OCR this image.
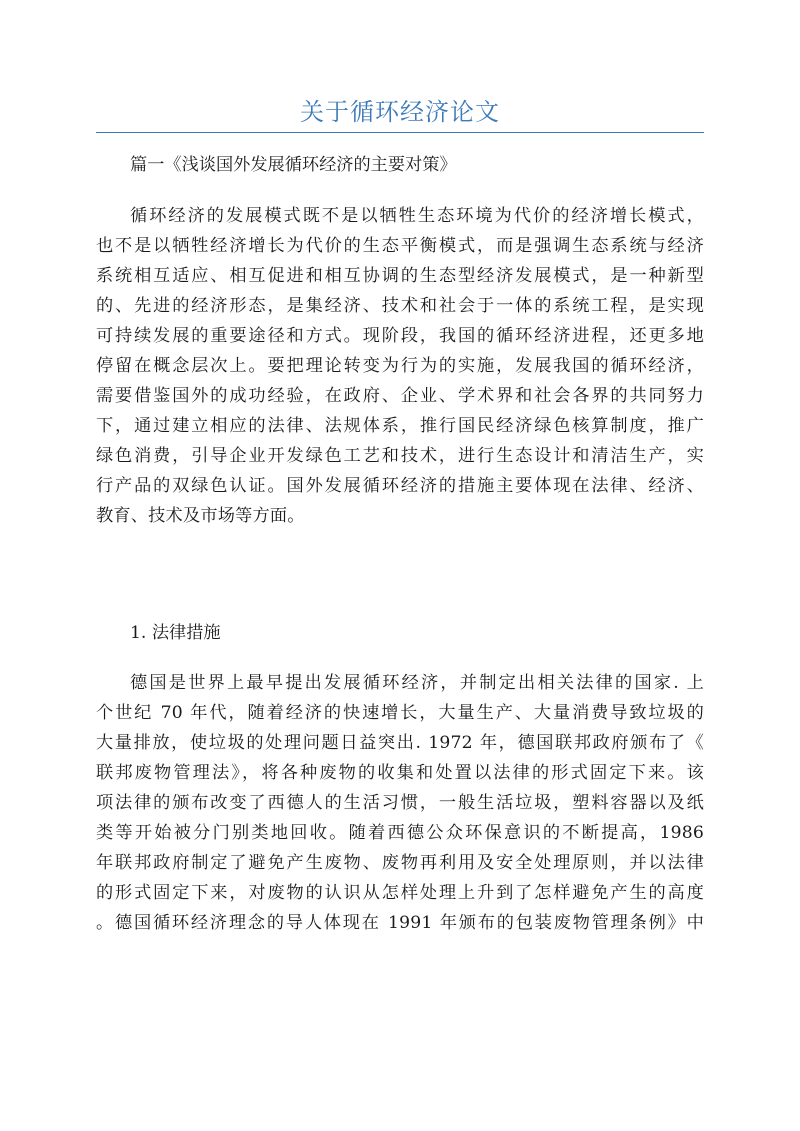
关于循环经济论文
篇一《浅谈国外发展循环经济的主要对策》
循环经济的发展模式既不是以牺牲生态环境为代价的经济增长模式，
也不是以牺牲经济增长为代价的生态平衡模式，而是强调生态系统与经济
系统相互适应、相互促进和相互协调的生态型经济发展模式，是一种新型
的、先进的经济形态，是集经济、技术和社会于一体的系统工程，是实现
可持续发展的重要途径和方式。现阶段，我国的循环经济进程，还更多地
停留在概念层次上。要把理论转变为行为的实施，发展我国的循环经济，
需要借鉴国外的成功经验，在政府、企业、学术界和社会各界的共同努力
下，通过建立相应的法律、法规体系，推行国民经济绿色核算制度，推广
绿色消费，引导企业开发绿色工艺和技术，进行生态设计和清洁生产，实
行产品的双绿色认证。国外发展循环经济的措施主要体现在法律、经济、
教育、技术及市场等方面。
1. 法律措施
德国是世界上最早提出发展循环经济，并制定出相关法律的国家. 上
个世纪 70 年代，随着经济的快速增长，大量生产、大量消费导致垃圾的
大量排放，使垃圾的处理问题日益突出. 1972 年，德国联邦政府颁布了《
联邦废物管理法》，将各种废物的收集和处置以法律的形式固定下来。该
项法律的颁布改变了西德人的生活习惯，一般生活垃圾，塑料容器以及纸
类等开始被分门别类地回收。随着西德公众环保意识的不断提高，1986
年联邦政府制定了避免产生废物、废物再利用及安全处理原则，并以法律
的形式固定下来，对废物的认识从怎样处理上升到了怎样避免产生的高度
。德国循环经济理念的导人体现在 1991 年颁布的包装废物管理条例》中
